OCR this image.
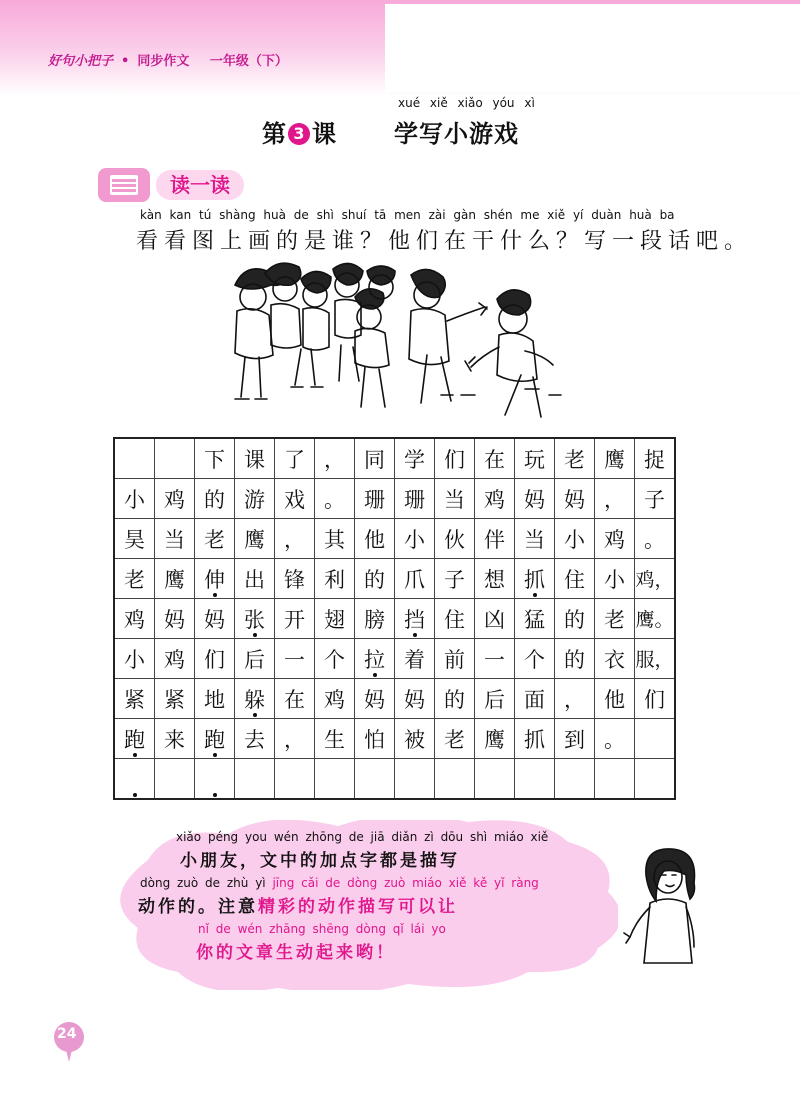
好句小把子 • 同步作文 一年级（下）
xué xiě xiǎo yóu xì
第 3 课 学写小游戏
读一读
kàn kan tú shàng huà de shì shuí tā men zài gàn shén me xiě yí duàn huà ba
看看图上画的是谁？他们在干什么？写一段话吧。
		下	课	了	，	同	学	们	在	玩	老	鹰	捉
小	鸡	的	游	戏	。	珊	珊	当	鸡	妈	妈	，	子
昊	当	老	鹰	，	其	他	小	伙	伴	当	小	鸡	。
老	鹰	伸	出	锋	利	的	爪	子	想	抓	住	小	鸡，
鸡	妈	妈	张	开	翅	膀	挡	住	凶	猛	的	老	鹰。
小	鸡	们	后	一	个	拉	着	前	一	个	的	衣	服，
紧	紧	地	躲	在	鸡	妈	妈	的	后	面	，	他	们
跑	来	跑	去	，	生	怕	被	老	鹰	抓	到	。	

xiǎo péng you wén zhōng de jiā diǎn zì dōu shì miáo xiě
小朋友，文中的加点字都是描写
dòng zuò de zhù yì jīng cǎi de dòng zuò miáo xiě kě yǐ ràng
动作的。注意精彩的动作描写可以让
nǐ de wén zhāng shēng dòng qǐ lái yo
你的文章生动起来哟！
24
